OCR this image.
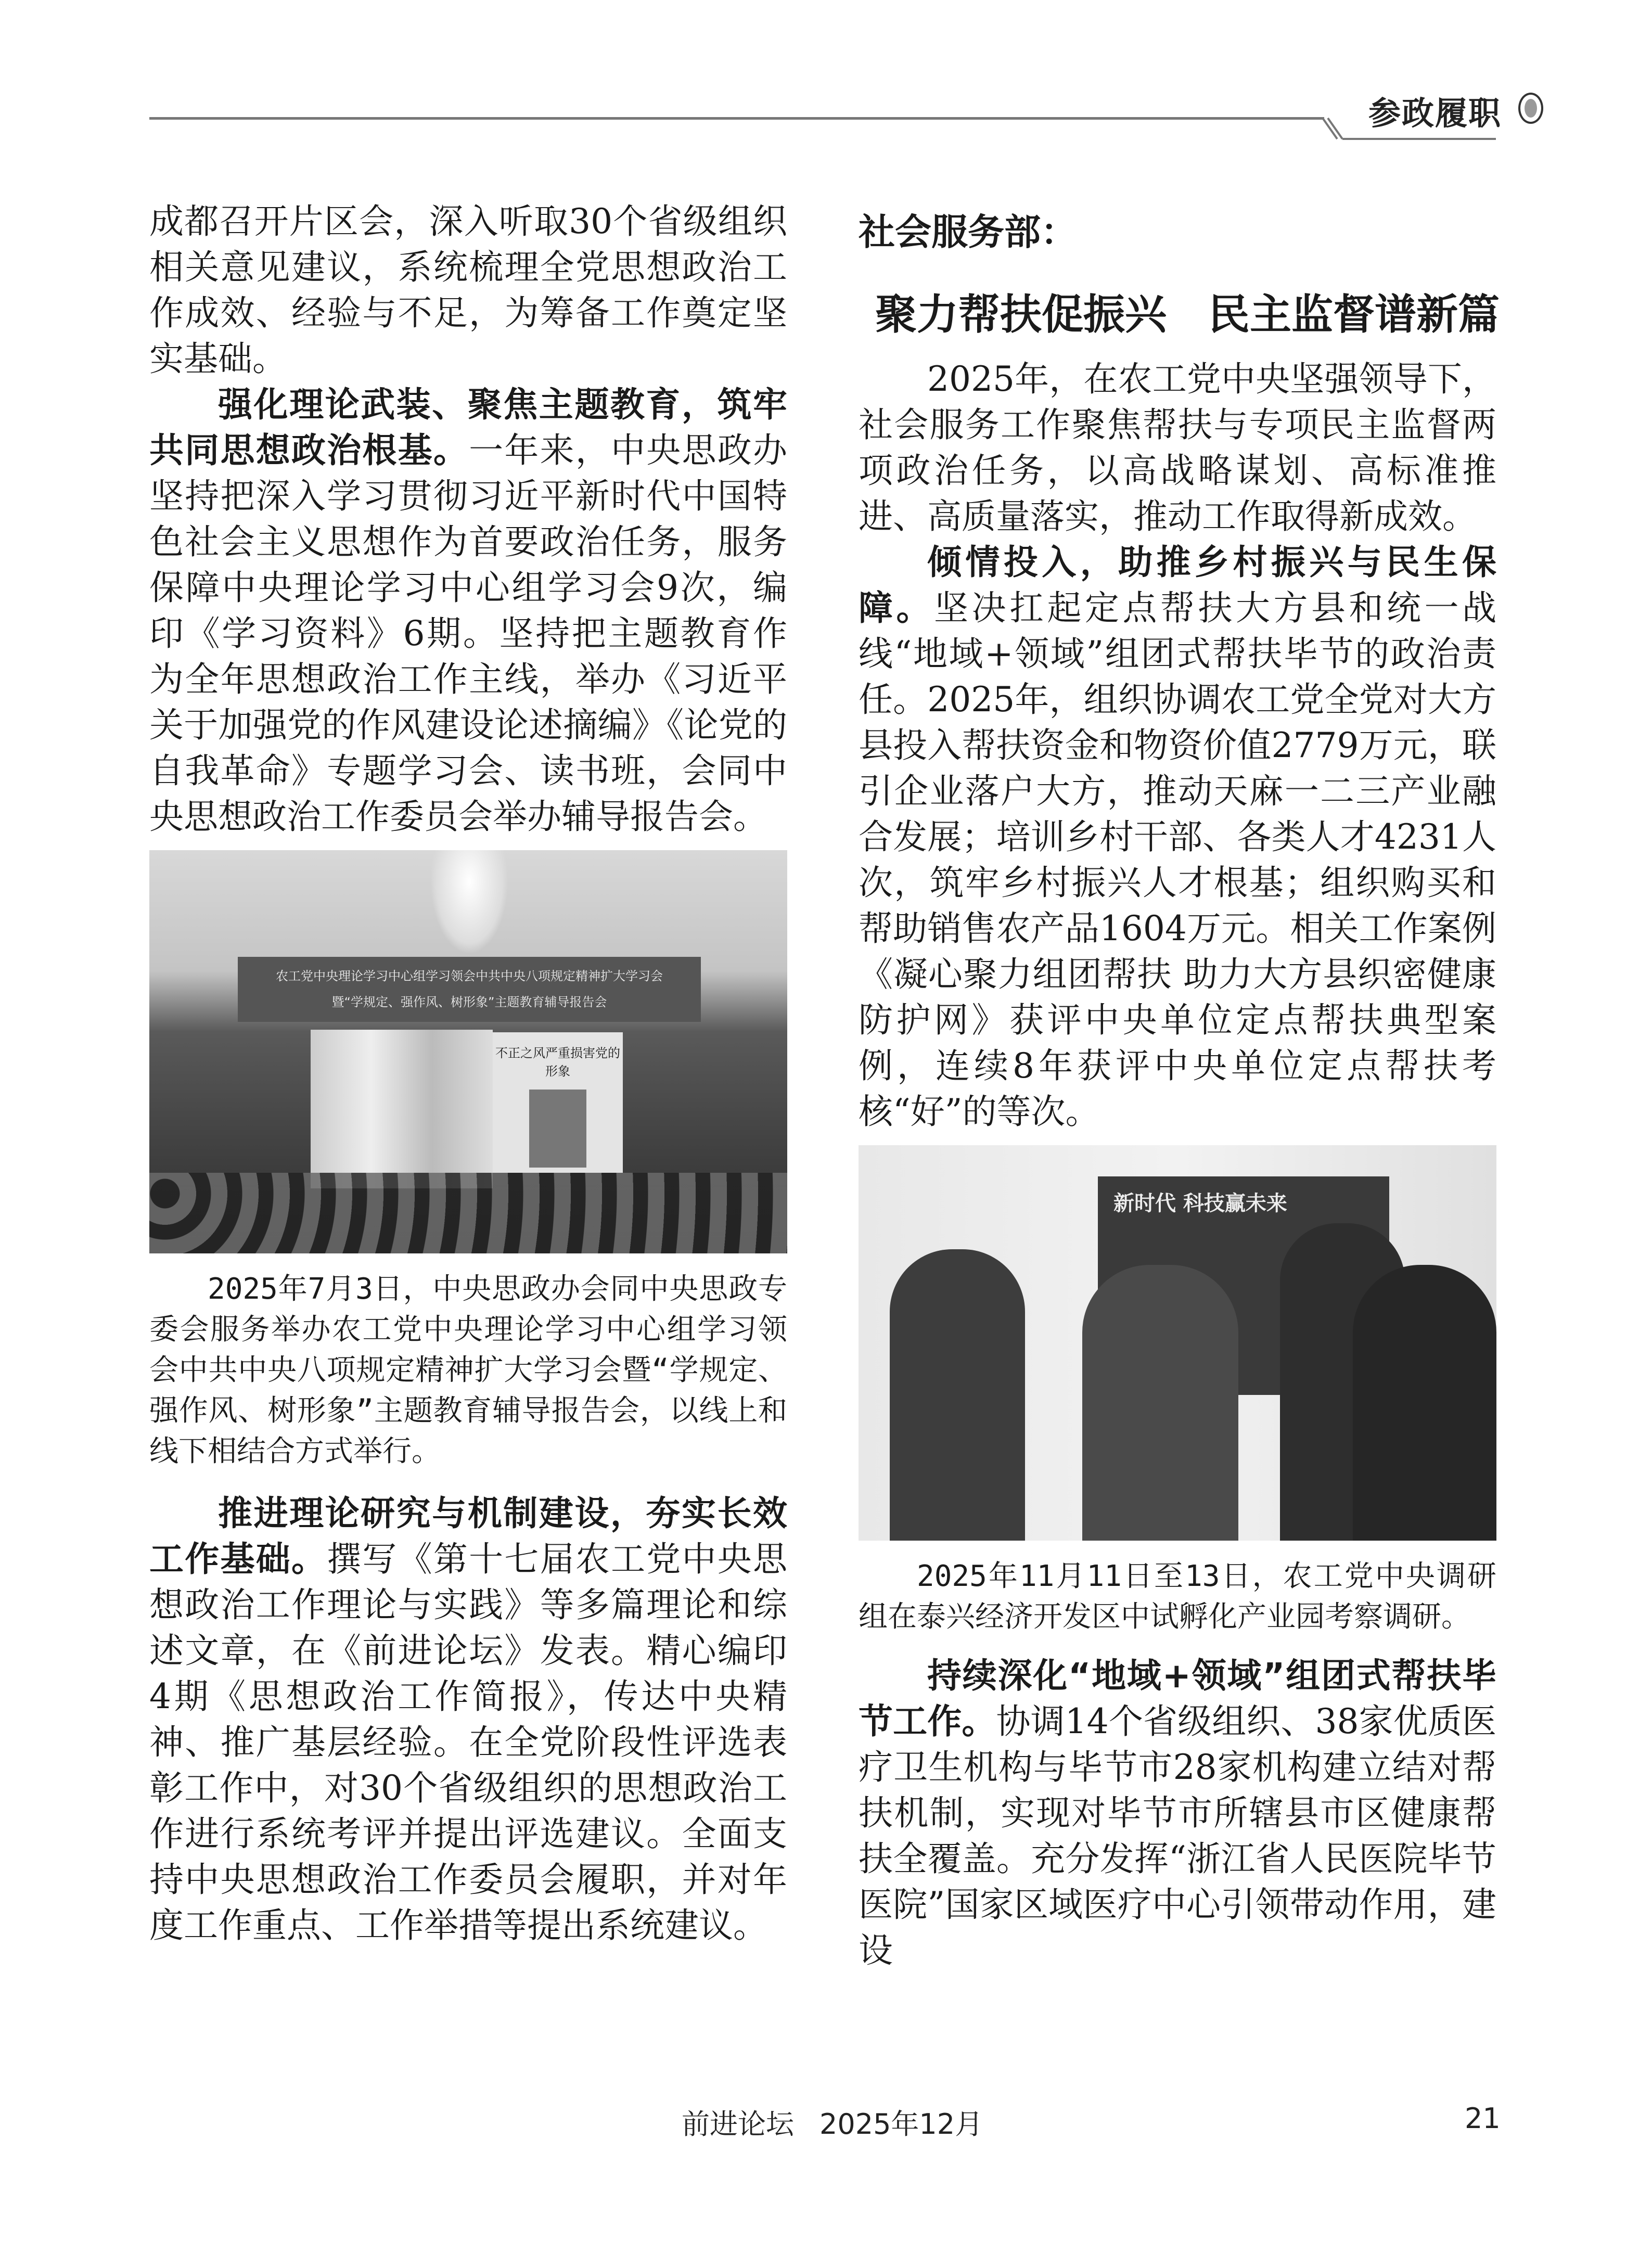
参政履职

成都召开片区会，深入听取30个省级组织相关意见建议，系统梳理全党思想政治工作成效、经验与不足，为筹备工作奠定坚实基础。

强化理论武装、聚焦主题教育，筑牢共同思想政治根基。一年来，中央思政办坚持把深入学习贯彻习近平新时代中国特色社会主义思想作为首要政治任务，服务保障中央理论学习中心组学习会9次，编印《学习资料》6期。坚持把主题教育作为全年思想政治工作主线，举办《习近平关于加强党的作风建设论述摘编》《论党的自我革命》专题学习会、读书班，会同中央思想政治工作委员会举办辅导报告会。

不正之风严重损害党的形象
农工党中央理论学习中心组学习领会中共中央八项规定精神扩大学习会
暨“学规定、强作风、树形象”主题教育辅导报告会

2025年7月3日，中央思政办会同中央思政专委会服务举办农工党中央理论学习中心组学习领会中共中央八项规定精神扩大学习会暨“学规定、强作风、树形象”主题教育辅导报告会，以线上和线下相结合方式举行。

推进理论研究与机制建设，夯实长效工作基础。撰写《第十七届农工党中央思想政治工作理论与实践》等多篇理论和综述文章，在《前进论坛》发表。精心编印4期《思想政治工作简报》，传达中央精神、推广基层经验。在全党阶段性评选表彰工作中，对30个省级组织的思想政治工作进行系统考评并提出评选建议。全面支持中央思想政治工作委员会履职，并对年度工作重点、工作举措等提出系统建议。

社会服务部：
聚力帮扶促振兴　民主监督谱新篇

2025年，在农工党中央坚强领导下，社会服务工作聚焦帮扶与专项民主监督两项政治任务，以高战略谋划、高标准推进、高质量落实，推动工作取得新成效。

倾情投入，助推乡村振兴与民生保障。坚决扛起定点帮扶大方县和统一战线“地域+领域”组团式帮扶毕节的政治责任。2025年，组织协调农工党全党对大方县投入帮扶资金和物资价值2779万元，联引企业落户大方，推动天麻一二三产业融合发展；培训乡村干部、各类人才4231人次，筑牢乡村振兴人才根基；组织购买和帮助销售农产品1604万元。相关工作案例《凝心聚力组团帮扶 助力大方县织密健康防护网》获评中央单位定点帮扶典型案例，连续8年获评中央单位定点帮扶考核“好”的等次。

新时代 科技赢未来

2025年11月11日至13日，农工党中央调研组在泰兴经济开发区中试孵化产业园考察调研。

持续深化“地域+领域”组团式帮扶毕节工作。协调14个省级组织、38家优质医疗卫生机构与毕节市28家机构建立结对帮扶机制，实现对毕节市所辖县市区健康帮扶全覆盖。充分发挥“浙江省人民医院毕节医院”国家区域医疗中心引领带动作用，建设

前进论坛 2025年12月	21
